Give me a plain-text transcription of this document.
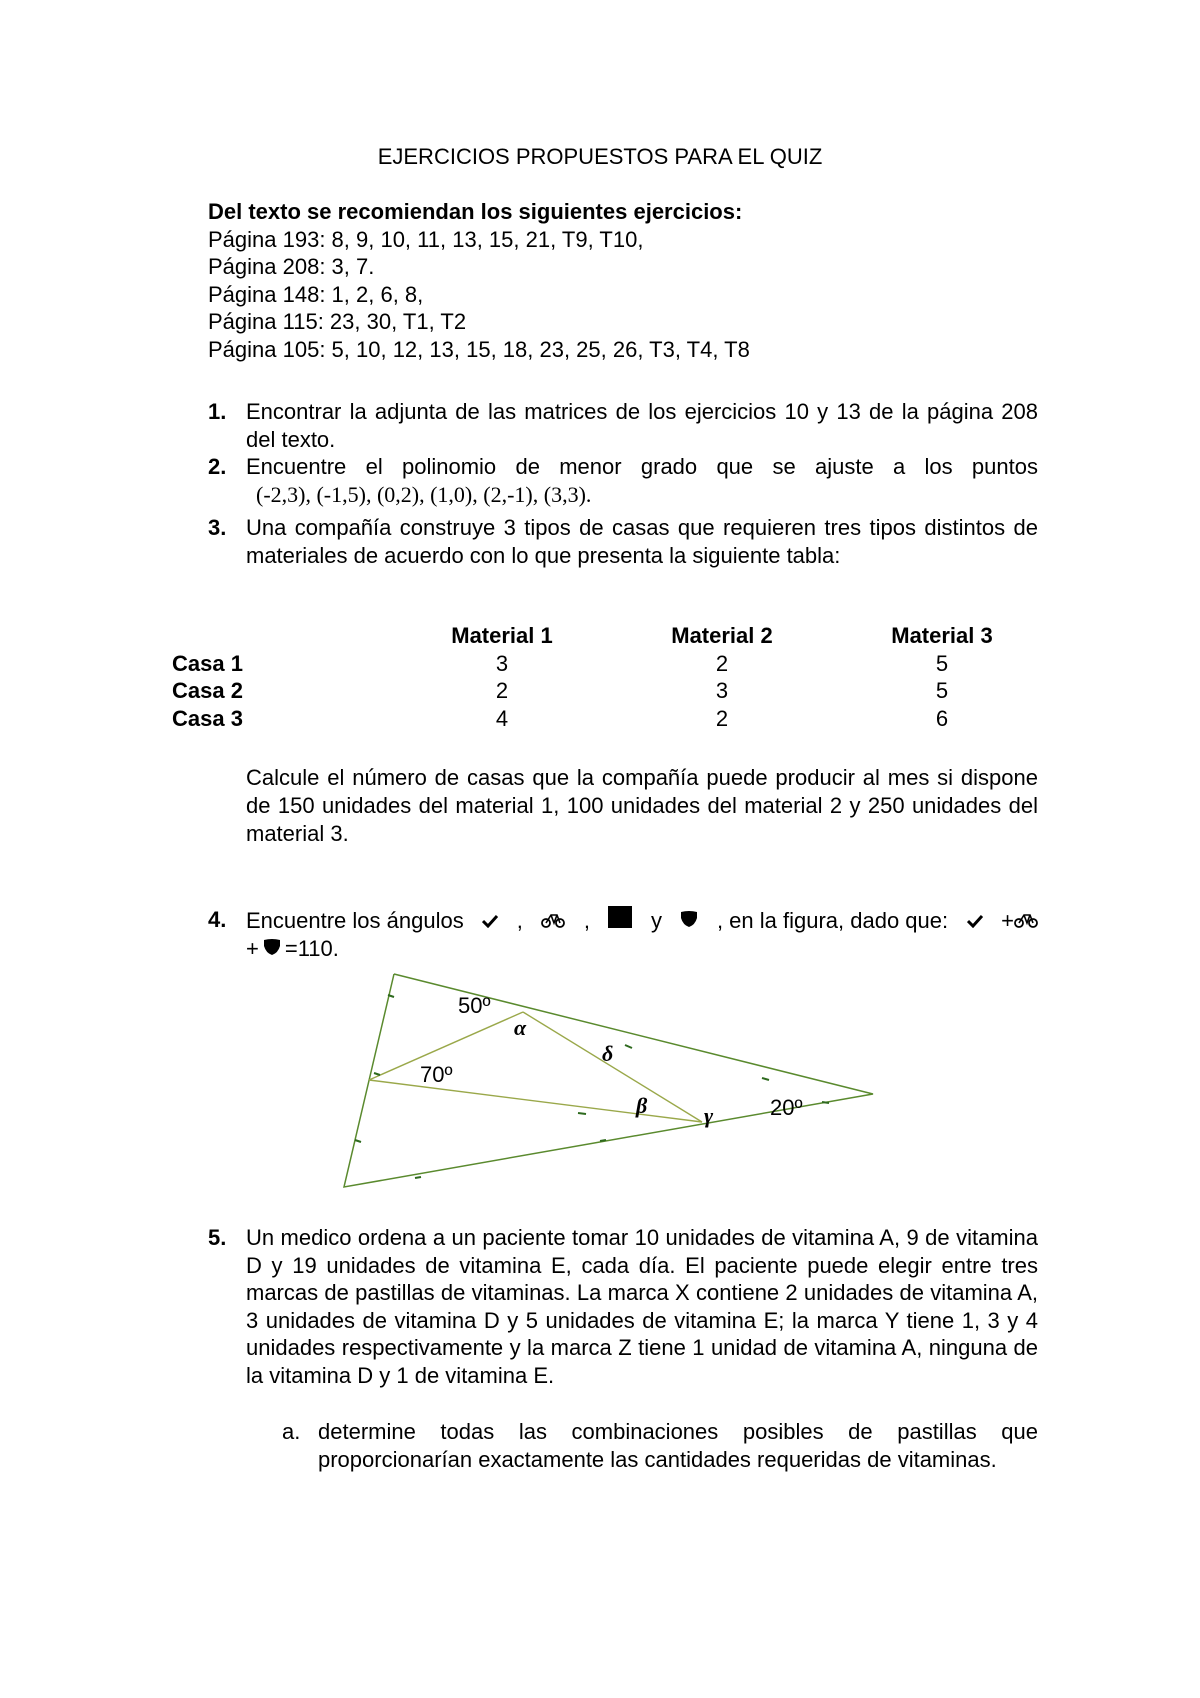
EJERCICIOS PROPUESTOS PARA EL QUIZ
Del texto se recomiendan los siguientes ejercicios:
Página 193: 8, 9, 10, 11, 13, 15, 21, T9, T10,
Página 208: 3, 7.
Página 148: 1, 2, 6, 8,
Página 115: 23, 30, T1, T2
Página 105: 5, 10, 12, 13, 15, 18, 23, 25, 26, T3, T4, T8
1. Encontrar la adjunta de las matrices de los ejercicios 10 y 13 de la página 208 del texto.
2. Encuentre el polinomio de menor grado que se ajuste a los puntos
(-2,3), (-1,5), (0,2), (1,0), (2,-1), (3,3).
3. Una compañía construye 3 tipos de casas que requieren tres tipos distintos de materiales de acuerdo con lo que presenta la siguiente tabla:
	Material 1	Material 2	Material 3
Casa 1	3	2	5
Casa 2	2	3	5
Casa 3	4	2	6
Calcule el número de casas que la compañía puede producir al mes si dispone de 150 unidades del material 1, 100 unidades del material 2 y 250 unidades del material 3.
4. Encuentre los ángulos ,	,	y	, en la figura, dado que: +
+ =110.
50º
70º
20º
α
δ
β	γ
5. Un medico ordena a un paciente tomar 10 unidades de vitamina A, 9 de vitamina D y 19 unidades de vitamina E, cada día. El paciente puede elegir entre tres marcas de pastillas de vitaminas. La marca X contiene 2 unidades de vitamina A, 3 unidades de vitamina D y 5 unidades de vitamina E; la marca Y tiene 1, 3 y 4 unidades respectivamente y la marca Z tiene 1 unidad de vitamina A, ninguna de la vitamina D y 1 de vitamina E.
a. determine todas las combinaciones posibles de pastillas que proporcionarían exactamente las cantidades requeridas de vitaminas.
